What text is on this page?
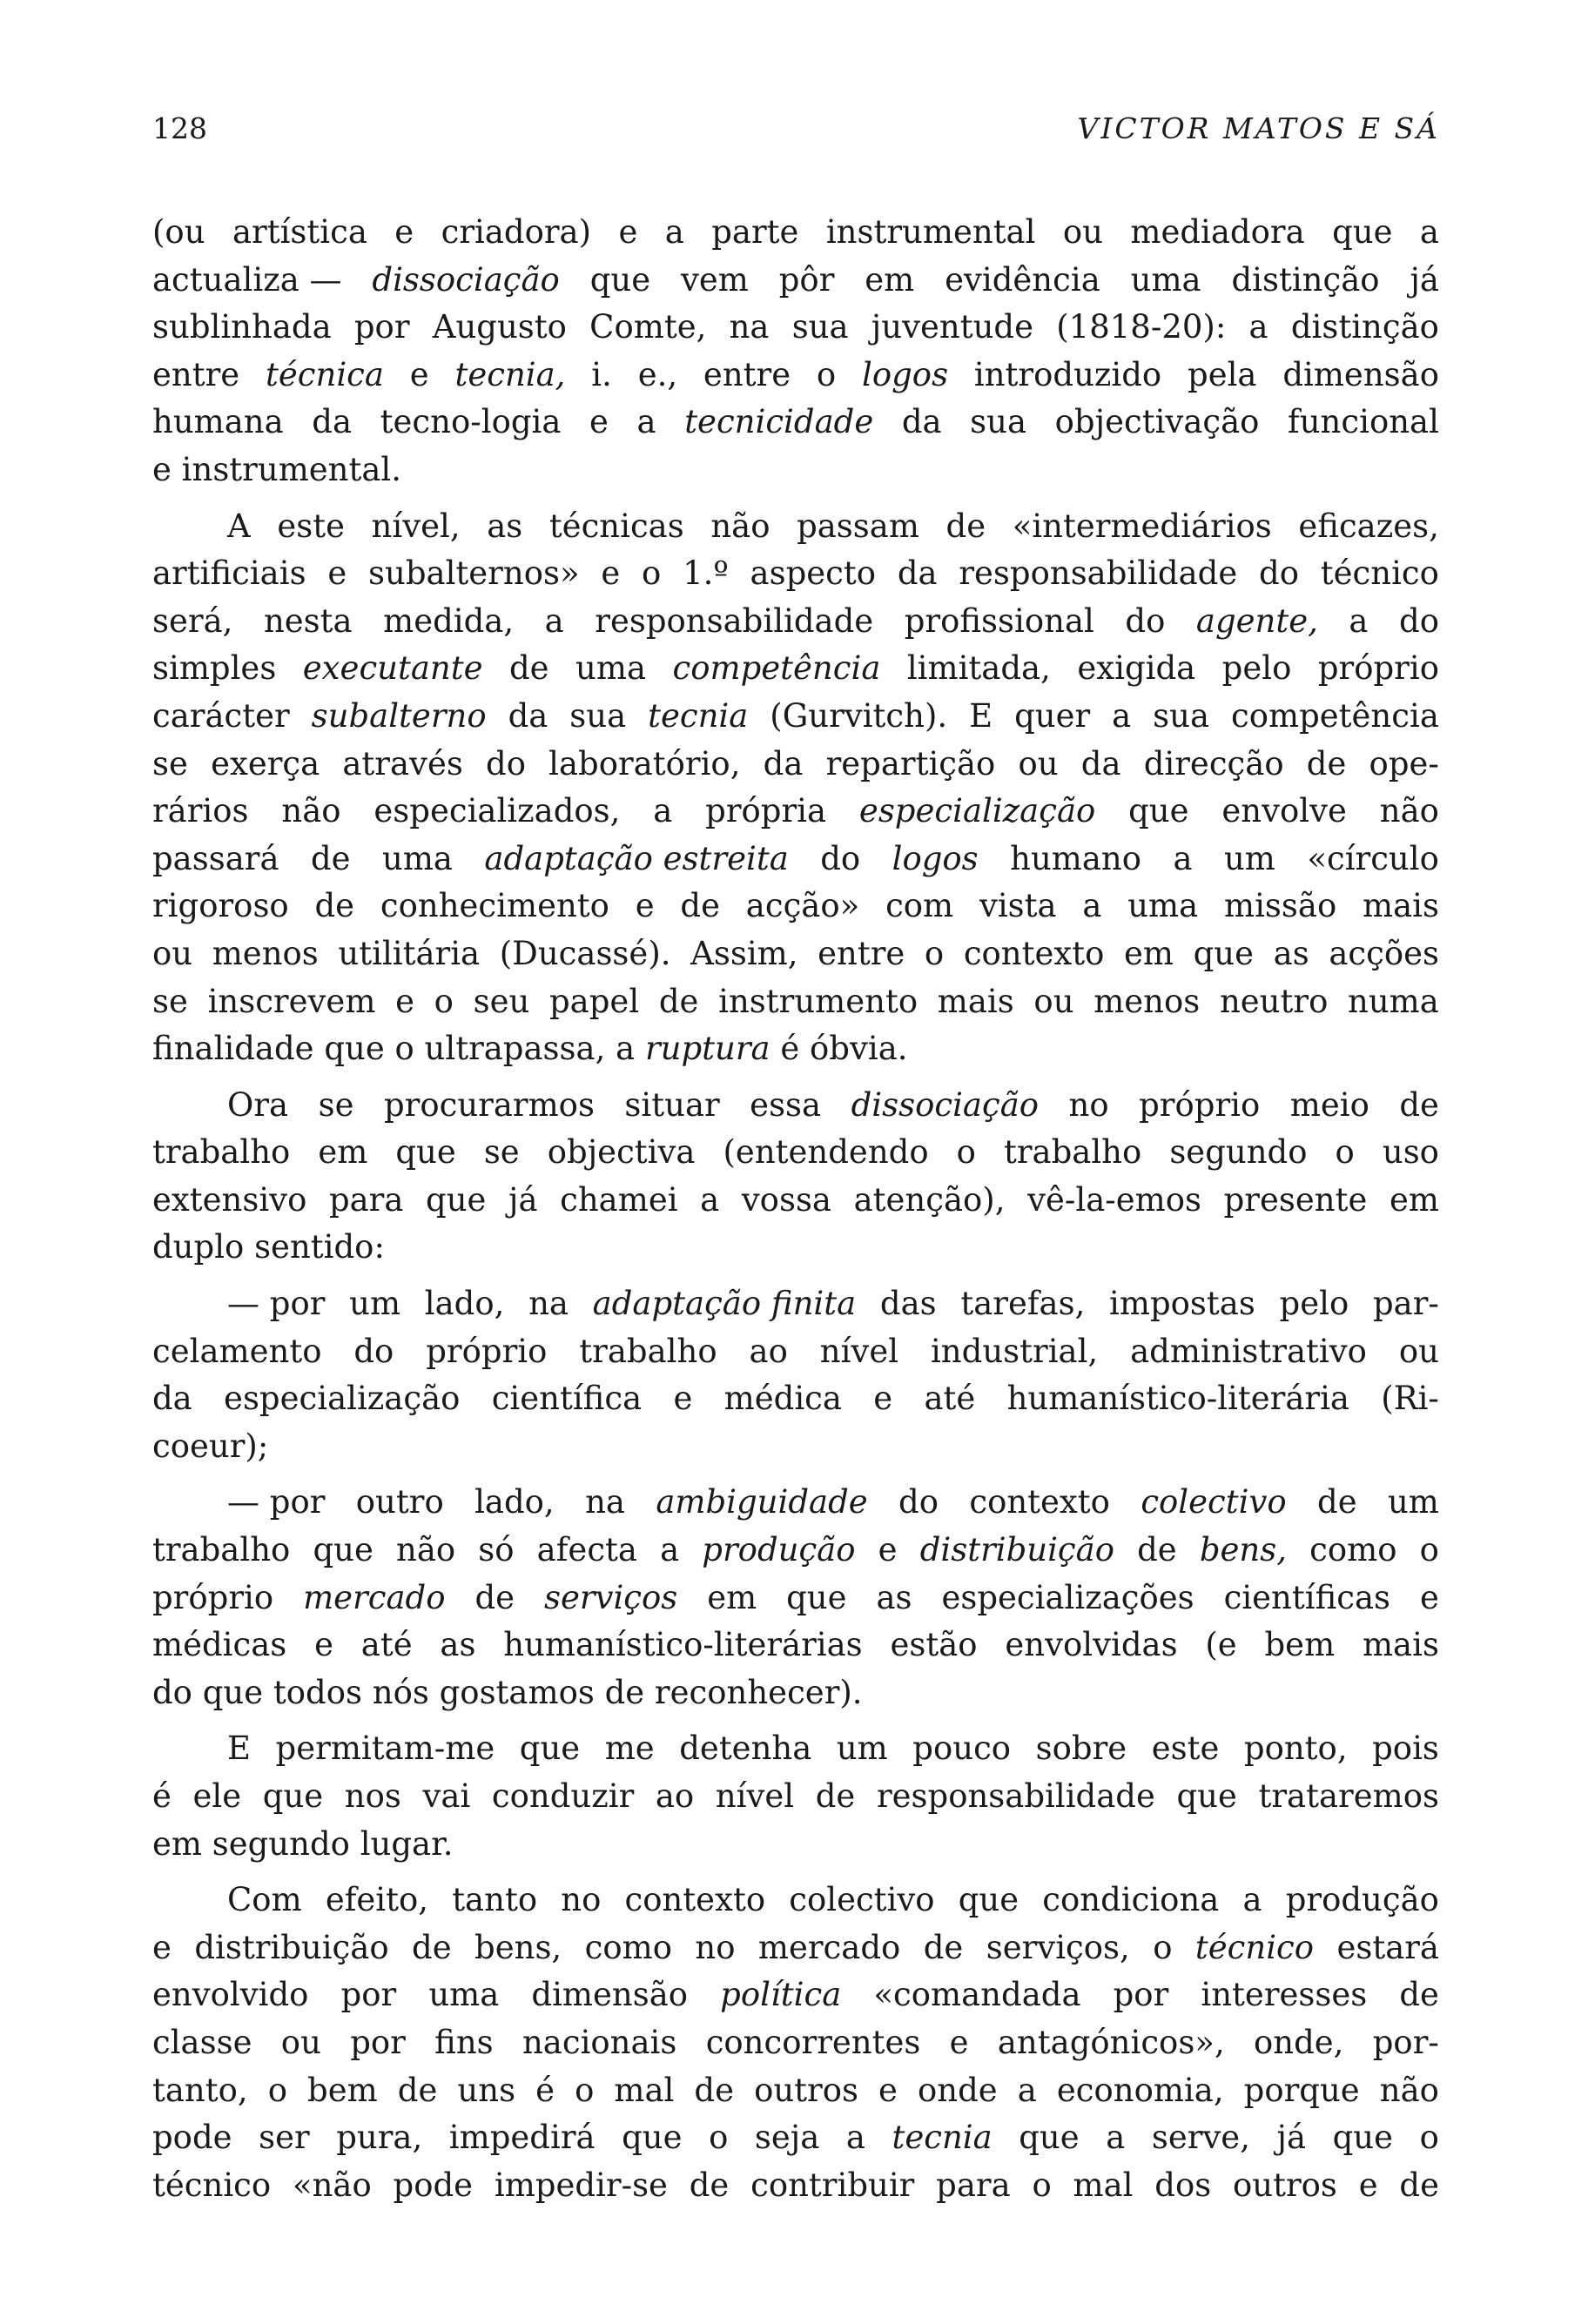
128	VICTOR MATOS E SÁ
(ou artística e criadora) e a parte instrumental ou mediadora que a
actualiza — dissociação que vem pôr em evidência uma distinção já
sublinhada por Augusto Comte, na sua juventude (1818-20): a distinção
entre técnica e tecnia, i. e., entre o logos introduzido pela dimensão
humana da tecno-logia e a tecnicidade da sua objectivação funcional
e instrumental.
A este nível, as técnicas não passam de «intermediários eficazes,
artificiais e subalternos» e o 1.º aspecto da responsabilidade do técnico
será, nesta medida, a responsabilidade profissional do agente, a do
simples executante de uma competência limitada, exigida pelo próprio
carácter subalterno da sua tecnia (Gurvitch). E quer a sua competência
se exerça através do laboratório, da repartição ou da direcção de ope-
rários não especializados, a própria especialização que envolve não
passará de uma adaptação estreita do logos humano a um «círculo
rigoroso de conhecimento e de acção» com vista a uma missão mais
ou menos utilitária (Ducassé). Assim, entre o contexto em que as acções
se inscrevem e o seu papel de instrumento mais ou menos neutro numa
finalidade que o ultrapassa, a ruptura é óbvia.
Ora se procurarmos situar essa dissociação no próprio meio de
trabalho em que se objectiva (entendendo o trabalho segundo o uso
extensivo para que já chamei a vossa atenção), vê-la-emos presente em
duplo sentido:
— por um lado, na adaptação finita das tarefas, impostas pelo par-
celamento do próprio trabalho ao nível industrial, administrativo ou
da especialização científica e médica e até humanístico-literária (Ri-
coeur);
— por outro lado, na ambiguidade do contexto colectivo de um
trabalho que não só afecta a produção e distribuição de bens, como o
próprio mercado de serviços em que as especializações científicas e
médicas e até as humanístico-literárias estão envolvidas (e bem mais
do que todos nós gostamos de reconhecer).
E permitam-me que me detenha um pouco sobre este ponto, pois
é ele que nos vai conduzir ao nível de responsabilidade que trataremos
em segundo lugar.
Com efeito, tanto no contexto colectivo que condiciona a produção
e distribuição de bens, como no mercado de serviços, o técnico estará
envolvido por uma dimensão política «comandada por interesses de
classe ou por fins nacionais concorrentes e antagónicos», onde, por-
tanto, o bem de uns é o mal de outros e onde a economia, porque não
pode ser pura, impedirá que o seja a tecnia que a serve, já que o
técnico «não pode impedir-se de contribuir para o mal dos outros e de
